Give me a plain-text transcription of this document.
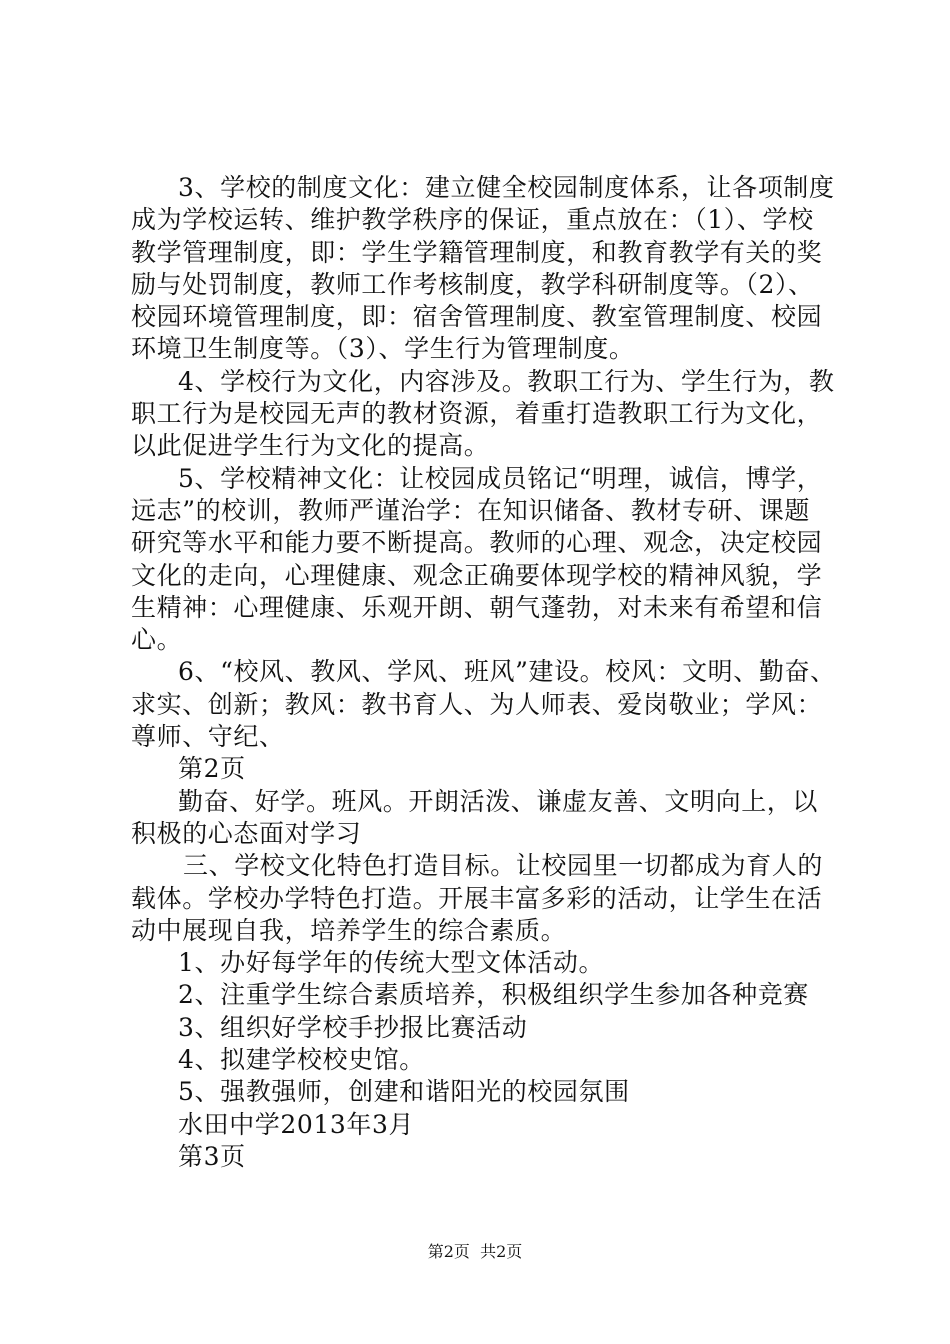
3、学校的制度文化：建立健全校园制度体系，让各项制度
成为学校运转、维护教学秩序的保证，重点放在：（1）、学校
教学管理制度，即：学生学籍管理制度，和教育教学有关的奖
励与处罚制度，教师工作考核制度，教学科研制度等。（2）、
校园环境管理制度，即：宿舍管理制度、教室管理制度、校园
环境卫生制度等。（3）、学生行为管理制度。
4、学校行为文化，内容涉及。教职工行为、学生行为，教
职工行为是校园无声的教材资源，着重打造教职工行为文化，
以此促进学生行为文化的提高。
5、学校精神文化：让校园成员铭记“明理，诚信，博学，
远志”的校训，教师严谨治学：在知识储备、教材专研、课题
研究等水平和能力要不断提高。教师的心理、观念，决定校园
文化的走向，心理健康、观念正确要体现学校的精神风貌，学
生精神：心理健康、乐观开朗、朝气蓬勃，对未来有希望和信
心。
6、“校风、教风、学风、班风”建设。校风：文明、勤奋、
求实、创新；教风：教书育人、为人师表、爱岗敬业；学风：
尊师、守纪、
第2页
勤奋、好学。班风。开朗活泼、谦虚友善、文明向上，以
积极的心态面对学习
三、学校文化特色打造目标。让校园里一切都成为育人的
载体。学校办学特色打造。开展丰富多彩的活动，让学生在活
动中展现自我，培养学生的综合素质。
1、办好每学年的传统大型文体活动。
2、注重学生综合素质培养，积极组织学生参加各种竞赛
3、组织好学校手抄报比赛活动
4、拟建学校校史馆。
5、强教强师，创建和谐阳光的校园氛围
水田中学2013年3月
第3页
第2页  共2页
